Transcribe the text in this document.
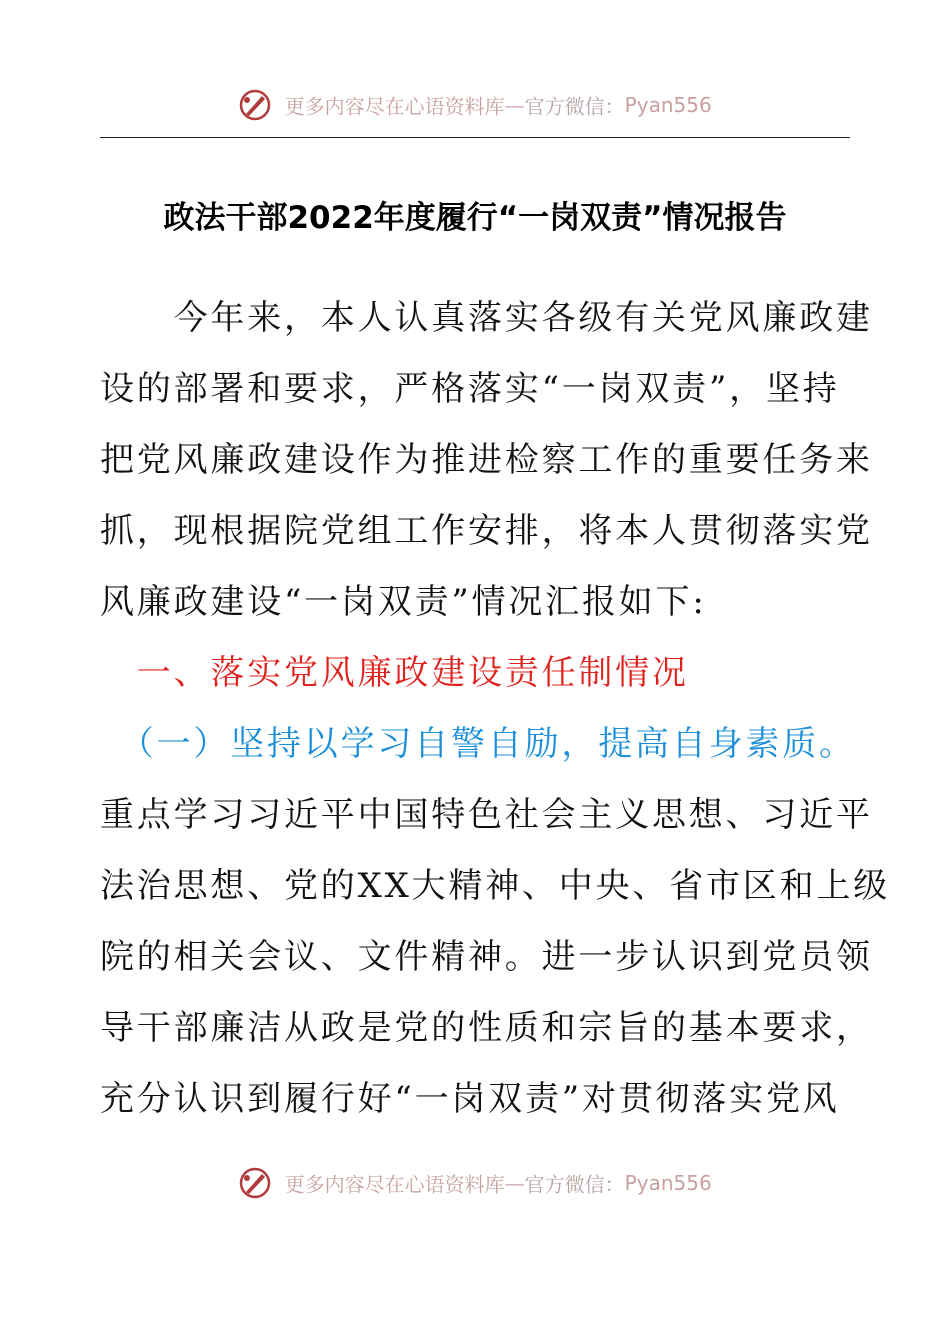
更多内容尽在心语资料库—官方微信：Pyan556
政法干部2022年度履行“一岗双责”情况报告
　　今年来，本人认真落实各级有关党风廉政建
设的部署和要求，严格落实“一岗双责”，坚持
把党风廉政建设作为推进检察工作的重要任务来
抓，现根据院党组工作安排，将本人贯彻落实党
风廉政建设“一岗双责”情况汇报如下:
　一、落实党风廉政建设责任制情况
　（一）坚持以学习自警自励，提高自身素质。
重点学习习近平中国特色社会主义思想、习近平
法治思想、党的XX大精神、中央、省市区和上级
院的相关会议、文件精神。进一步认识到党员领
导干部廉洁从政是党的性质和宗旨的基本要求，
充分认识到履行好“一岗双责”对贯彻落实党风
更多内容尽在心语资料库—官方微信：Pyan556
